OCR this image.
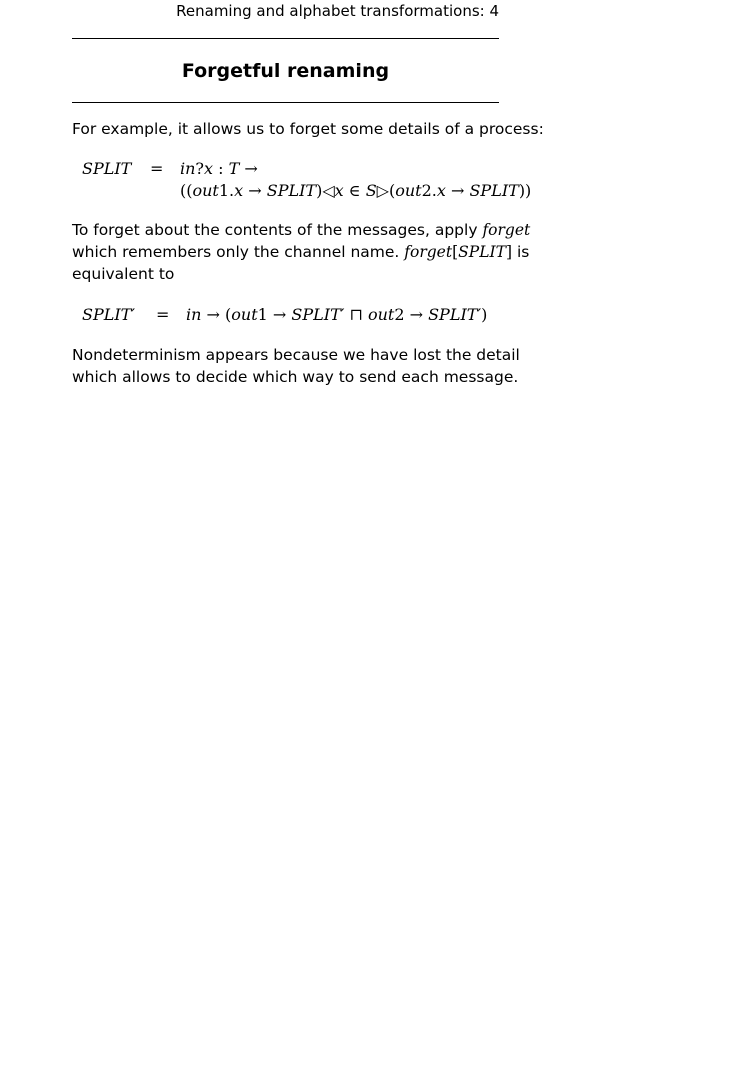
Renaming and alphabet transformations: 4
Forgetful renaming

For example, it allows us to forget some details of a process:

SPLIT = in?x : T →
((out1.x → SPLIT)◁x ∈ S▷(out2.x → SPLIT))

To forget about the contents of the messages, apply forget

which remembers only the channel name. forget[SPLIT] is

equivalent to

SPLIT′ = in → (out1 → SPLIT′ ⊓ out2 → SPLIT′)

Nondeterminism appears because we have lost the detail

which allows to decide which way to send each message.
